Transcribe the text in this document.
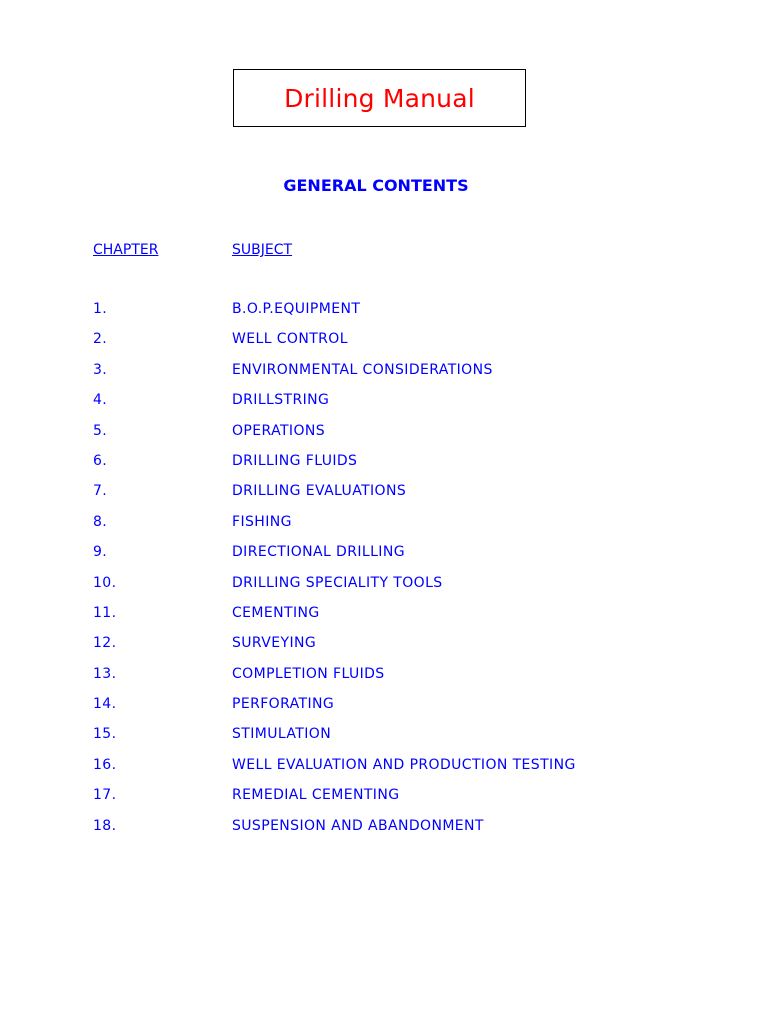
Drilling Manual
GENERAL CONTENTS
CHAPTER	SUBJECT
1.	B.O.P.EQUIPMENT
2.	WELL CONTROL
3.	ENVIRONMENTAL CONSIDERATIONS
4.	DRILLSTRING
5.	OPERATIONS
6.	DRILLING FLUIDS
7.	DRILLING EVALUATIONS
8.	FISHING
9.	DIRECTIONAL DRILLING
10.	DRILLING SPECIALITY TOOLS
11.	CEMENTING
12.	SURVEYING
13.	COMPLETION FLUIDS
14.	PERFORATING
15.	STIMULATION
16.	WELL EVALUATION AND PRODUCTION TESTING
17.	REMEDIAL CEMENTING
18.	SUSPENSION AND ABANDONMENT
